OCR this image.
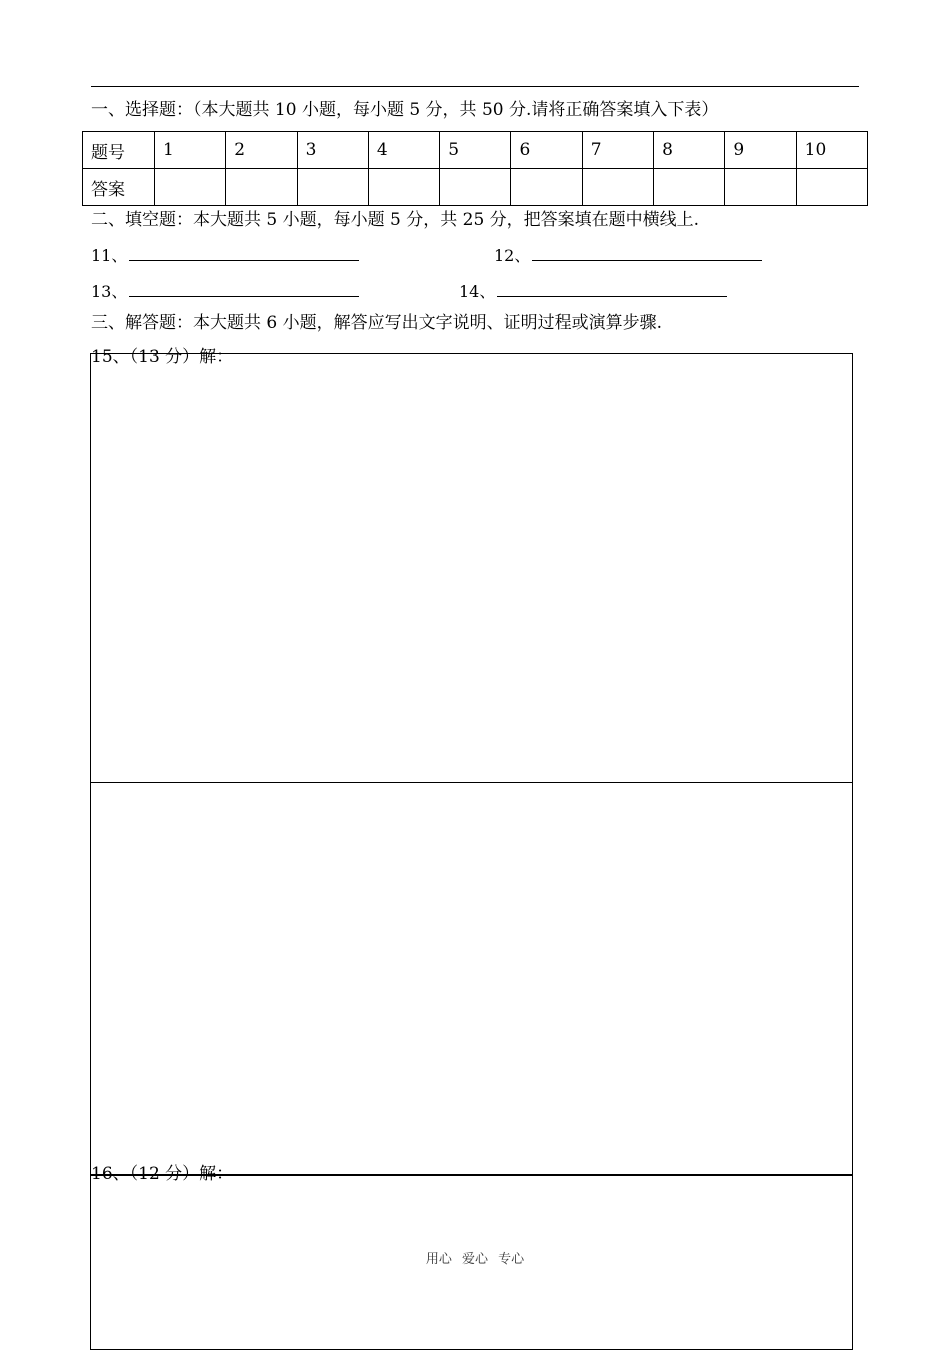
一、选择题：（本大题共 10 小题，每小题 5 分，共 50 分.请将正确答案填入下表）
题号	1	2	3	4	5	6	7	8	9	10
答案										
二、填空题：本大题共 5 小题，每小题 5 分，共 25 分，把答案填在题中横线上.
11、	12、
13、	14、
三、解答题：本大题共 6 小题，解答应写出文字说明、证明过程或演算步骤.
15、（13 分）解：
16、（12 分）解：
用心 爱心 专心
